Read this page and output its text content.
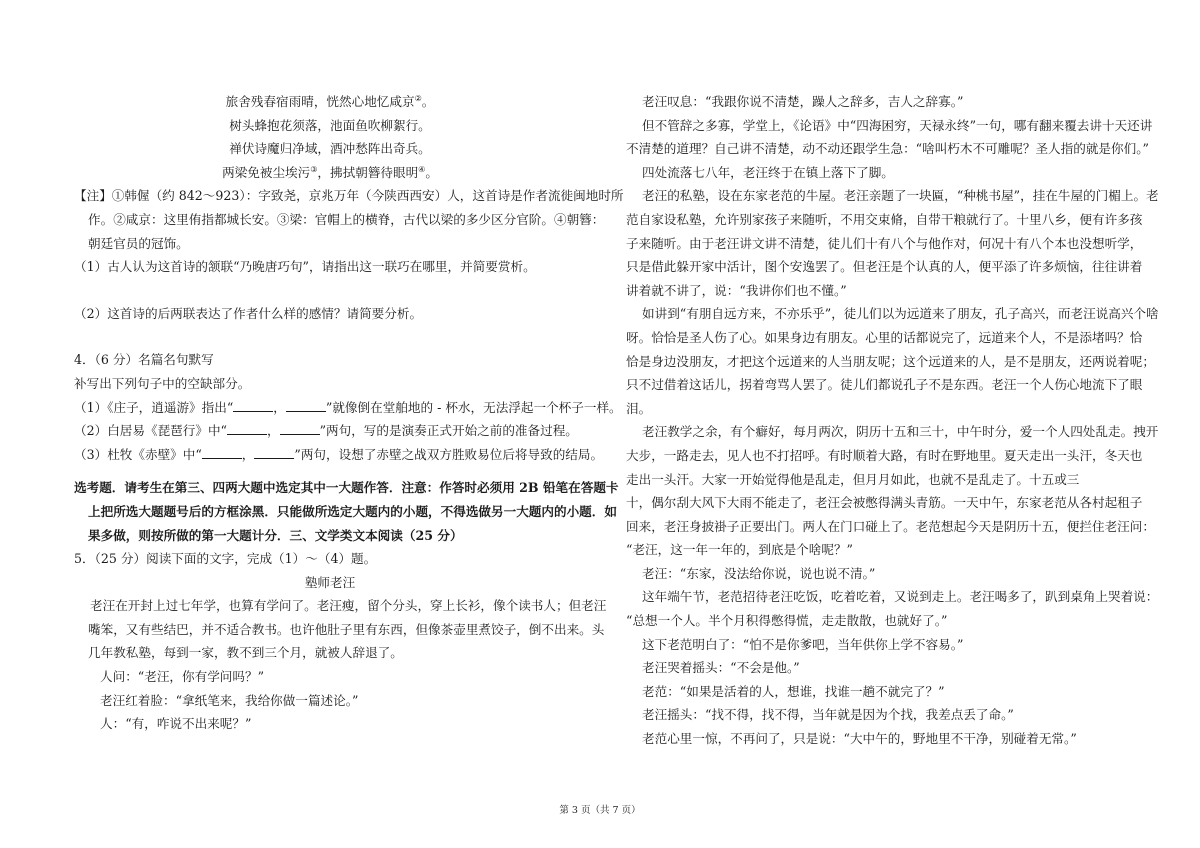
旅舍残春宿雨晴，恍然心地忆咸京②。
树头蜂抱花须落，池面鱼吹柳絮行。
禅伏诗魔归净域，酒冲愁阵出奇兵。
两梁免被尘埃污③，拂拭朝簪待眼明④。
【注】①韩偓（约 842～923）：字致尧，京兆万年（今陕西西安）人，这首诗是作者流徙闽地时所
作。②咸京：这里侑指都城长安。③梁：官帽上的横脊，古代以梁的多少区分官阶。④朝簪：
朝廷官员的冠饰。
（1）古人认为这首诗的颔联“乃晚唐巧句”，请指出这一联巧在哪里，并简要赏析。
（2）这首诗的后两联表达了作者什么样的感情？请简要分析。
4．（6 分）名篇名句默写
补写出下列句子中的空缺部分。
（1）《庄子，逍遥游》指出“	，	”就像倒在堂舶地的 - 杯水，无法浮起一个杯子一样。
（2）白居易《琵琶行》中“	，	”两句，写的是演奏正式开始之前的准备过程。
（3）杜牧《赤壁》中“	，	”两句，设想了赤壁之战双方胜败易位后将导致的结局。
选考题．请考生在第三、四两大题中选定其中一大题作答．注意：作答时必须用 2B 铅笔在答题卡
上把所选大题题号后的方框涂黑．只能做所选定大题内的小题，不得选做另一大题内的小题．如
果多做，则按所做的第一大题计分．三、文学类文本阅读（25 分）
5．（25 分）阅读下面的文字，完成（1）～（4）题。
塾师老汪
老汪在开封上过七年学，也算有学问了。老汪瘦，留个分头，穿上长衫，像个读书人；但老汪
嘴笨，又有些结巴，并不适合教书。也许他肚子里有东西，但像茶壶里煮饺子，倒不出来。头
几年教私塾，每到一家，教不到三个月，就被人辞退了。
人问：“老汪，你有学问吗？”
老汪红着脸：“拿纸笔来，我给你做一篇述论。”
人：“有，咋说不出来呢？”
老汪叹息：“我跟你说不清楚，躁人之辞多，吉人之辞寡。”
但不管辞之多寡，学堂上，《论语》中“四海困穷，天禄永终”一句，哪有翻来覆去讲十天还讲
不清楚的道理？自己讲不清楚，动不动还跟学生急：“啥叫朽木不可雕呢？圣人指的就是你们。”
四处流落七八年，老汪终于在镇上落下了脚。
老汪的私塾，设在东家老范的牛屋。老汪亲题了一块匾，“种桃书屋”，挂在牛屋的门楣上。老
范自家设私塾，允许别家孩子来随听，不用交束脩，自带干粮就行了。十里八乡，便有许多孩
子来随听。由于老汪讲文讲不清楚，徒儿们十有八个与他作对，何况十有八个本也没想听学，
只是借此躲开家中活计，图个安逸罢了。但老汪是个认真的人，便平添了许多烦恼，往往讲着
讲着就不讲了，说：“我讲你们也不懂。”
如讲到“有朋自远方来，不亦乐乎”，徒儿们以为远道来了朋友，孔子高兴，而老汪说高兴个啥
呀。恰恰是圣人伤了心。如果身边有朋友。心里的话都说完了，远道来个人，不是添堵吗？恰
恰是身边没朋友，才把这个远道来的人当朋友呢；这个远道来的人，是不是朋友，还两说着呢；
只不过借着这话儿，拐着弯骂人罢了。徒儿们都说孔子不是东西。老汪一个人伤心地流下了眼
泪。
老汪教学之余，有个癖好，每月两次，阴历十五和三十，中午时分，爱一个人四处乱走。拽开
大步，一路走去，见人也不打招呼。有时顺着大路，有时在野地里。夏天走出一头汗，冬天也
走出一头汗。大家一开始觉得他是乱走，但月月如此，也就不是乱走了。十五或三
十，偶尔刮大风下大雨不能走了，老汪会被憋得满头青筋。一天中午，东家老范从各村起租子
回来，老汪身披褂子正要出门。两人在门口碰上了。老范想起今天是阴历十五，便拦住老汪问：
“老汪，这一年一年的，到底是个啥呢？”
老汪：“东家，没法给你说，说也说不清。”
这年端午节，老范招待老汪吃饭，吃着吃着，又说到走上。老汪喝多了，趴到桌角上哭着说：
“总想一个人。半个月积得憋得慌，走走散散，也就好了。”
这下老范明白了：“怕不是你爹吧，当年供你上学不容易。”
老汪哭着摇头：“不会是他。”
老范：“如果是活着的人，想谁，找谁一趟不就完了？”
老汪摇头：“找不得，找不得，当年就是因为个找，我差点丢了命。”
老范心里一惊，不再问了，只是说：“大中午的，野地里不干净，别碰着无常。”
第 3 页（共 7 页）
